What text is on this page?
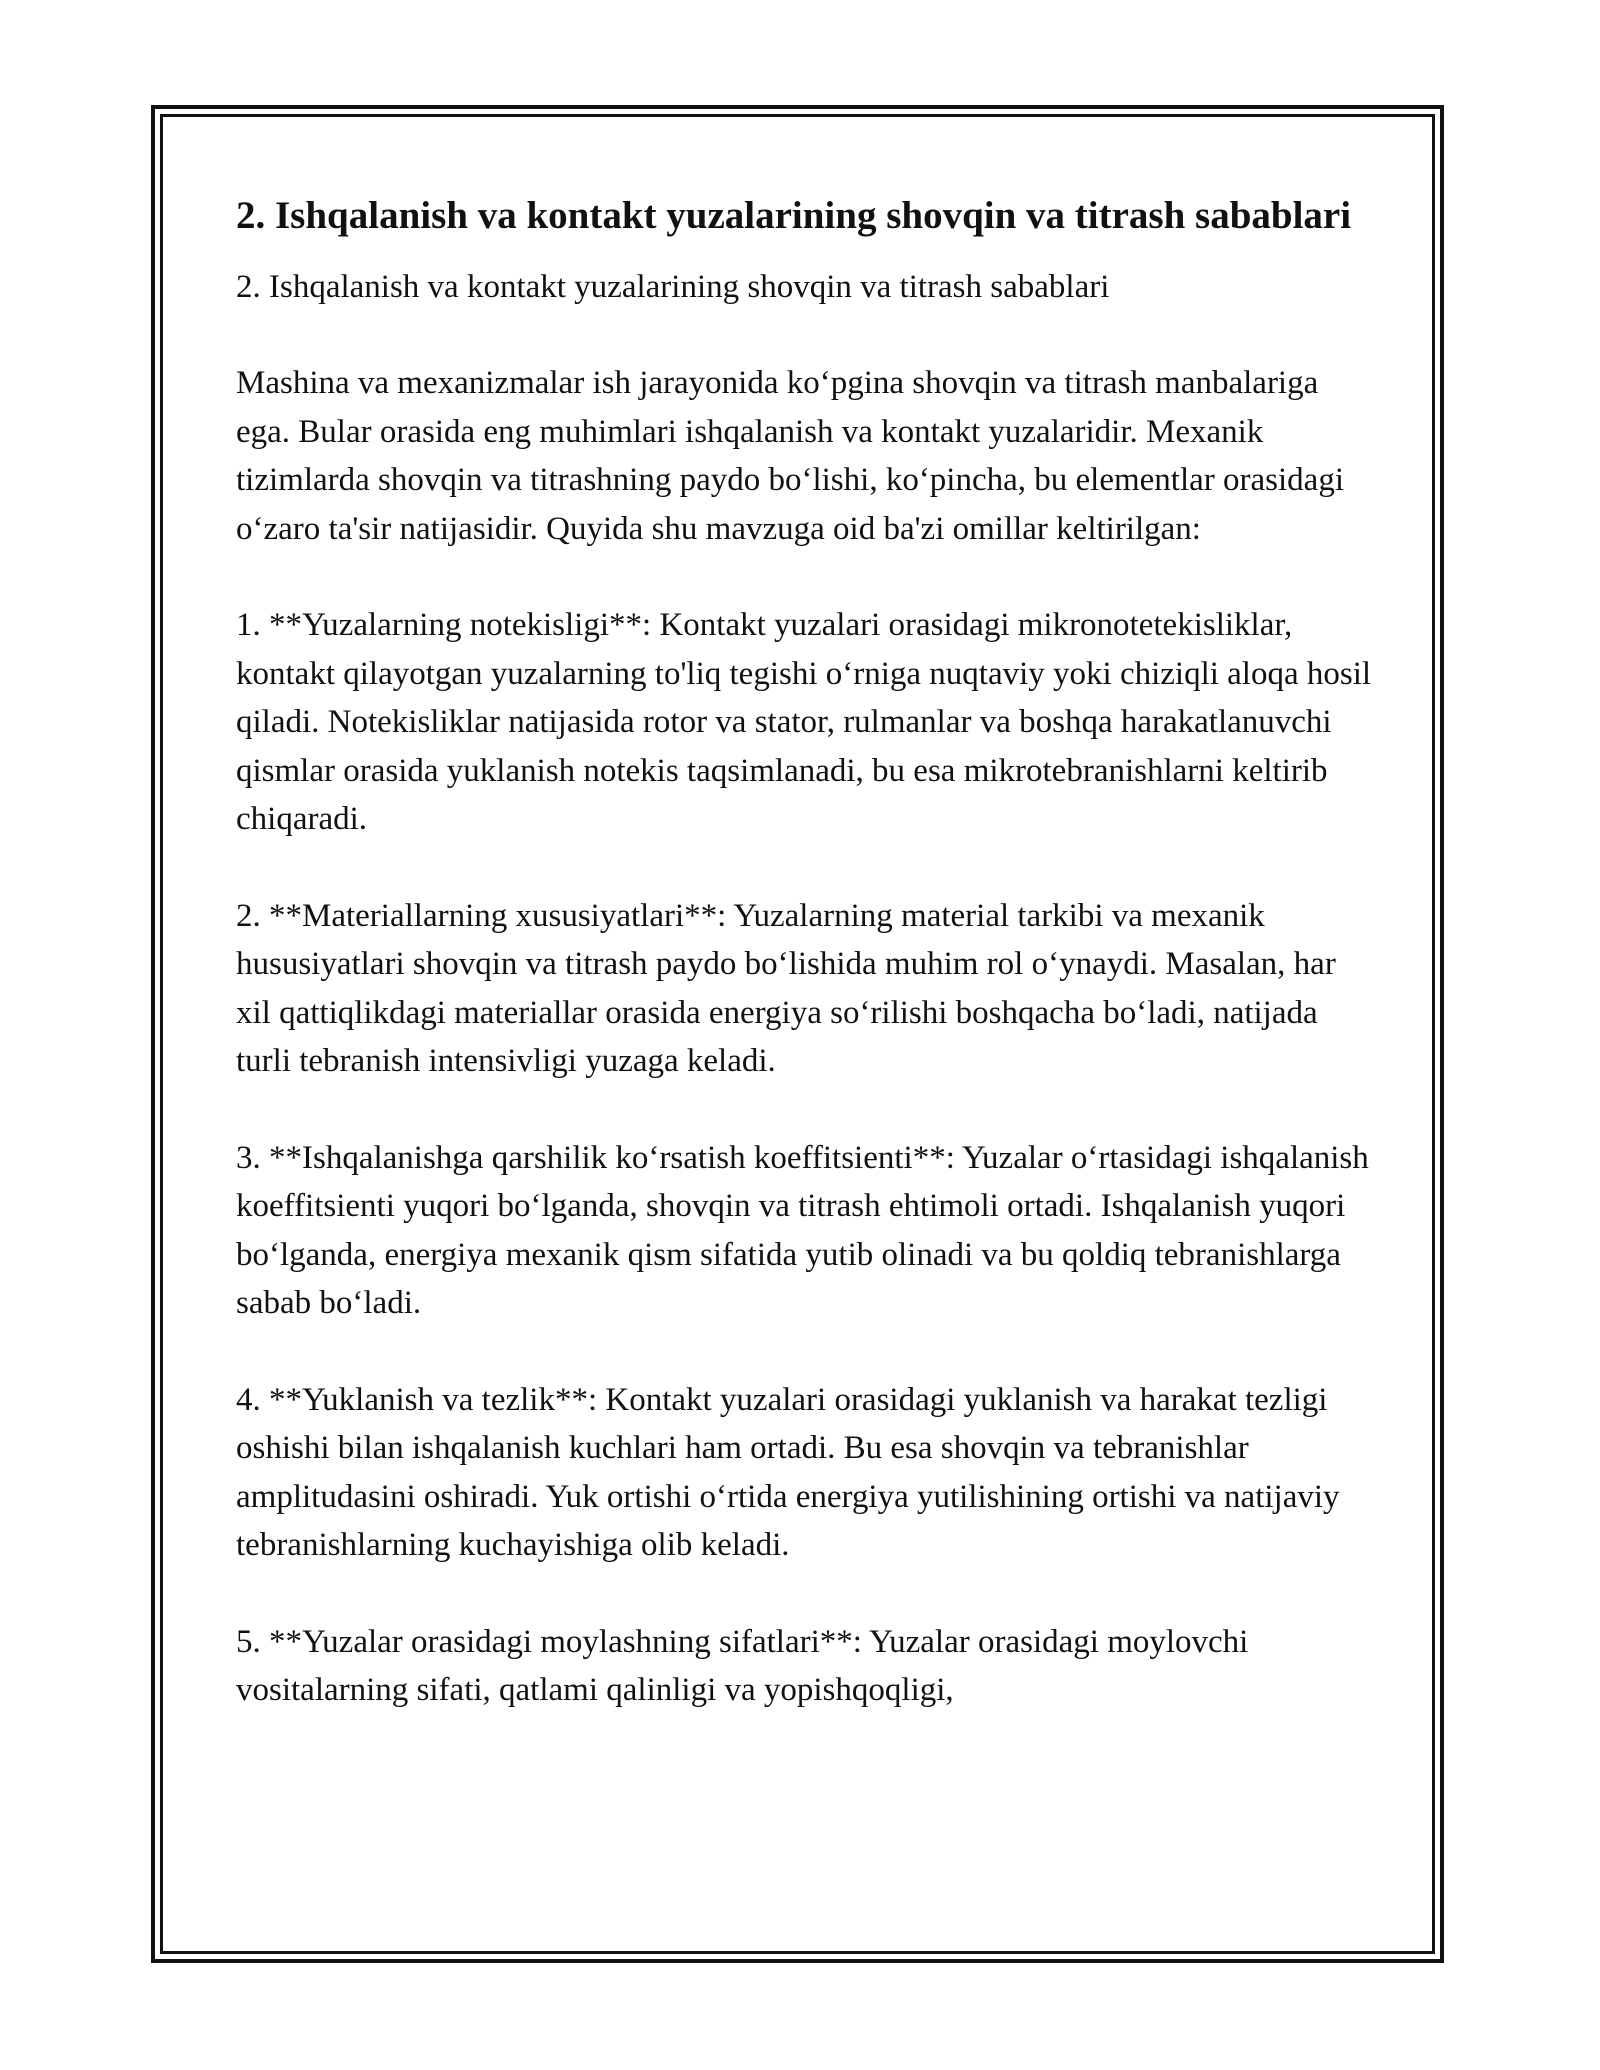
2. Ishqalanish va kontakt yuzalarining shovqin va titrash sabablari

2. Ishqalanish va kontakt yuzalarining shovqin va titrash sabablari

Mashina va mexanizmalar ish jarayonida koʻpgina shovqin va titrash manbalariga ega. Bular orasida eng muhimlari ishqalanish va kontakt yuzalaridir. Mexanik tizimlarda shovqin va titrashning paydo boʻlishi, koʻpincha, bu elementlar orasidagi oʻzaro ta'sir natijasidir. Quyida shu mavzuga oid ba'zi omillar keltirilgan:

1. **Yuzalarning notekisligi**: Kontakt yuzalari orasidagi mikronotetekisliklar, kontakt qilayotgan yuzalarning to'liq tegishi oʻrniga nuqtaviy yoki chiziqli aloqa hosil qiladi. Notekisliklar natijasida rotor va stator, rulmanlar va boshqa harakatlanuvchi qismlar orasida yuklanish notekis taqsimlanadi, bu esa mikrotebranishlarni keltirib chiqaradi.

2. **Materiallarning xususiyatlari**: Yuzalarning material tarkibi va mexanik hususiyatlari shovqin va titrash paydo boʻlishida muhim rol oʻynaydi. Masalan, har xil qattiqlikdagi materiallar orasida energiya soʻrilishi boshqacha boʻladi, natijada turli tebranish intensivligi yuzaga keladi.

3. **Ishqalanishga qarshilik koʻrsatish koeffitsienti**: Yuzalar oʻrtasidagi ishqalanish koeffitsienti yuqori boʻlganda, shovqin va titrash ehtimoli ortadi. Ishqalanish yuqori boʻlganda, energiya mexanik qism sifatida yutib olinadi va bu qoldiq tebranishlarga sabab boʻladi.

4. **Yuklanish va tezlik**: Kontakt yuzalari orasidagi yuklanish va harakat tezligi oshishi bilan ishqalanish kuchlari ham ortadi. Bu esa shovqin va tebranishlar amplitudasini oshiradi. Yuk ortishi oʻrtida energiya yutilishining ortishi va natijaviy tebranishlarning kuchayishiga olib keladi.

5. **Yuzalar orasidagi moylashning sifatlari**: Yuzalar orasidagi moylovchi vositalarning sifati, qatlami qalinligi va yopishqoqligi,
